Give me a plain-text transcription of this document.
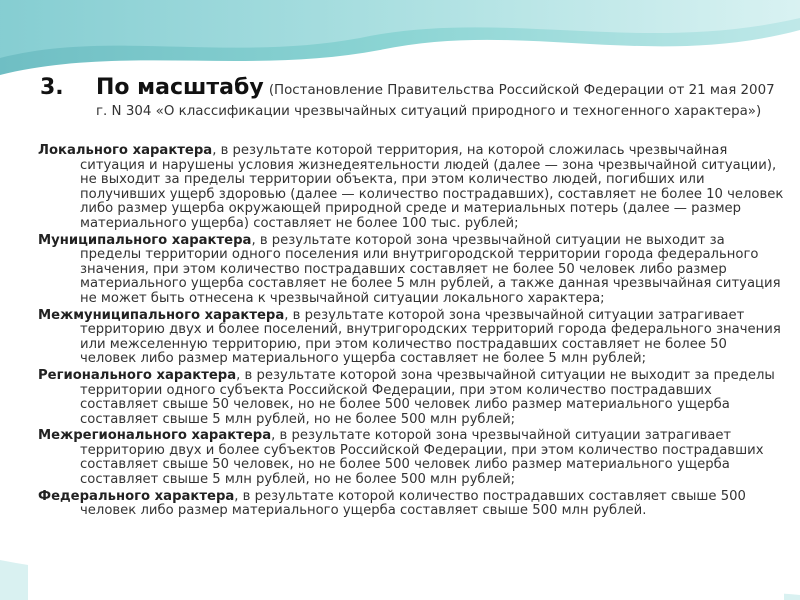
3. По масштабу (Постановление Правительства Российской Федерации от 21 мая 2007 г. N 304 «О классификации чрезвычайных ситуаций природного и техногенного характера»)

Локального характера, в результате которой территория, на которой сложилась чрезвычайная ситуация и нарушены условия жизнедеятельности людей (далее — зона чрезвычайной ситуации), не выходит за пределы территории объекта, при этом количество людей, погибших или получивших ущерб здоровью (далее — количество пострадавших), составляет не более 10 человек либо размер ущерба окружающей природной среде и материальных потерь (далее — размер материального ущерба) составляет не более 100 тыс. рублей;

Муниципального характера, в результате которой зона чрезвычайной ситуации не выходит за пределы территории одного поселения или внутригородской территории города федерального значения, при этом количество пострадавших составляет не более 50 человек либо размер материального ущерба составляет не более 5 млн рублей, а также данная чрезвычайная ситуация не может быть отнесена к чрезвычайной ситуации локального характера;

Межмуниципального характера, в результате которой зона чрезвычайной ситуации затрагивает территорию двух и более поселений, внутригородских территорий города федерального значения или межселенную территорию, при этом количество пострадавших составляет не более 50 человек либо размер материального ущерба составляет не более 5 млн рублей;

Регионального характера, в результате которой зона чрезвычайной ситуации не выходит за пределы территории одного субъекта Российской Федерации, при этом количество пострадавших составляет свыше 50 человек, но не более 500 человек либо размер материального ущерба составляет свыше 5 млн рублей, но не более 500 млн рублей;

Межрегионального характера, в результате которой зона чрезвычайной ситуации затрагивает территорию двух и более субъектов Российской Федерации, при этом количество пострадавших составляет свыше 50 человек, но не более 500 человек либо размер материального ущерба составляет свыше 5 млн рублей, но не более 500 млн рублей;

Федерального характера, в результате которой количество пострадавших составляет свыше 500 человек либо размер материального ущерба составляет свыше 500 млн рублей.
